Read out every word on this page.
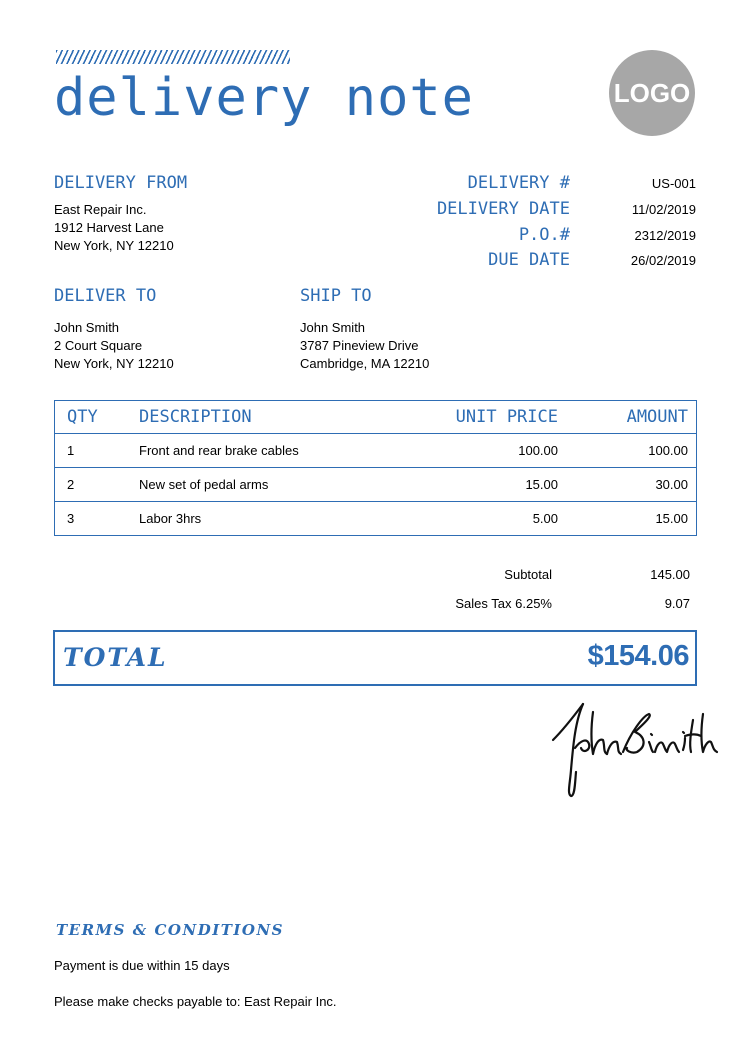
delivery note	LOGO
DELIVERY FROM
East Repair Inc.
1912 Harvest Lane
New York, NY 12210
DELIVERY #	US-001
DELIVERY DATE	11/02/2019
P.O.#	2312/2019
DUE DATE	26/02/2019
DELIVER TO
John Smith
2 Court Square
New York, NY 12210
SHIP TO
John Smith
3787 Pineview Drive
Cambridge, MA 12210
QTY	DESCRIPTION	UNIT PRICE	AMOUNT
1	Front and rear brake cables	100.00	100.00
2	New set of pedal arms	15.00	30.00
3	Labor 3hrs	5.00	15.00
Subtotal	145.00
Sales Tax 6.25%	9.07
TOTAL	$154.06
TERMS & CONDITIONS
Payment is due within 15 days
Please make checks payable to: East Repair Inc.
